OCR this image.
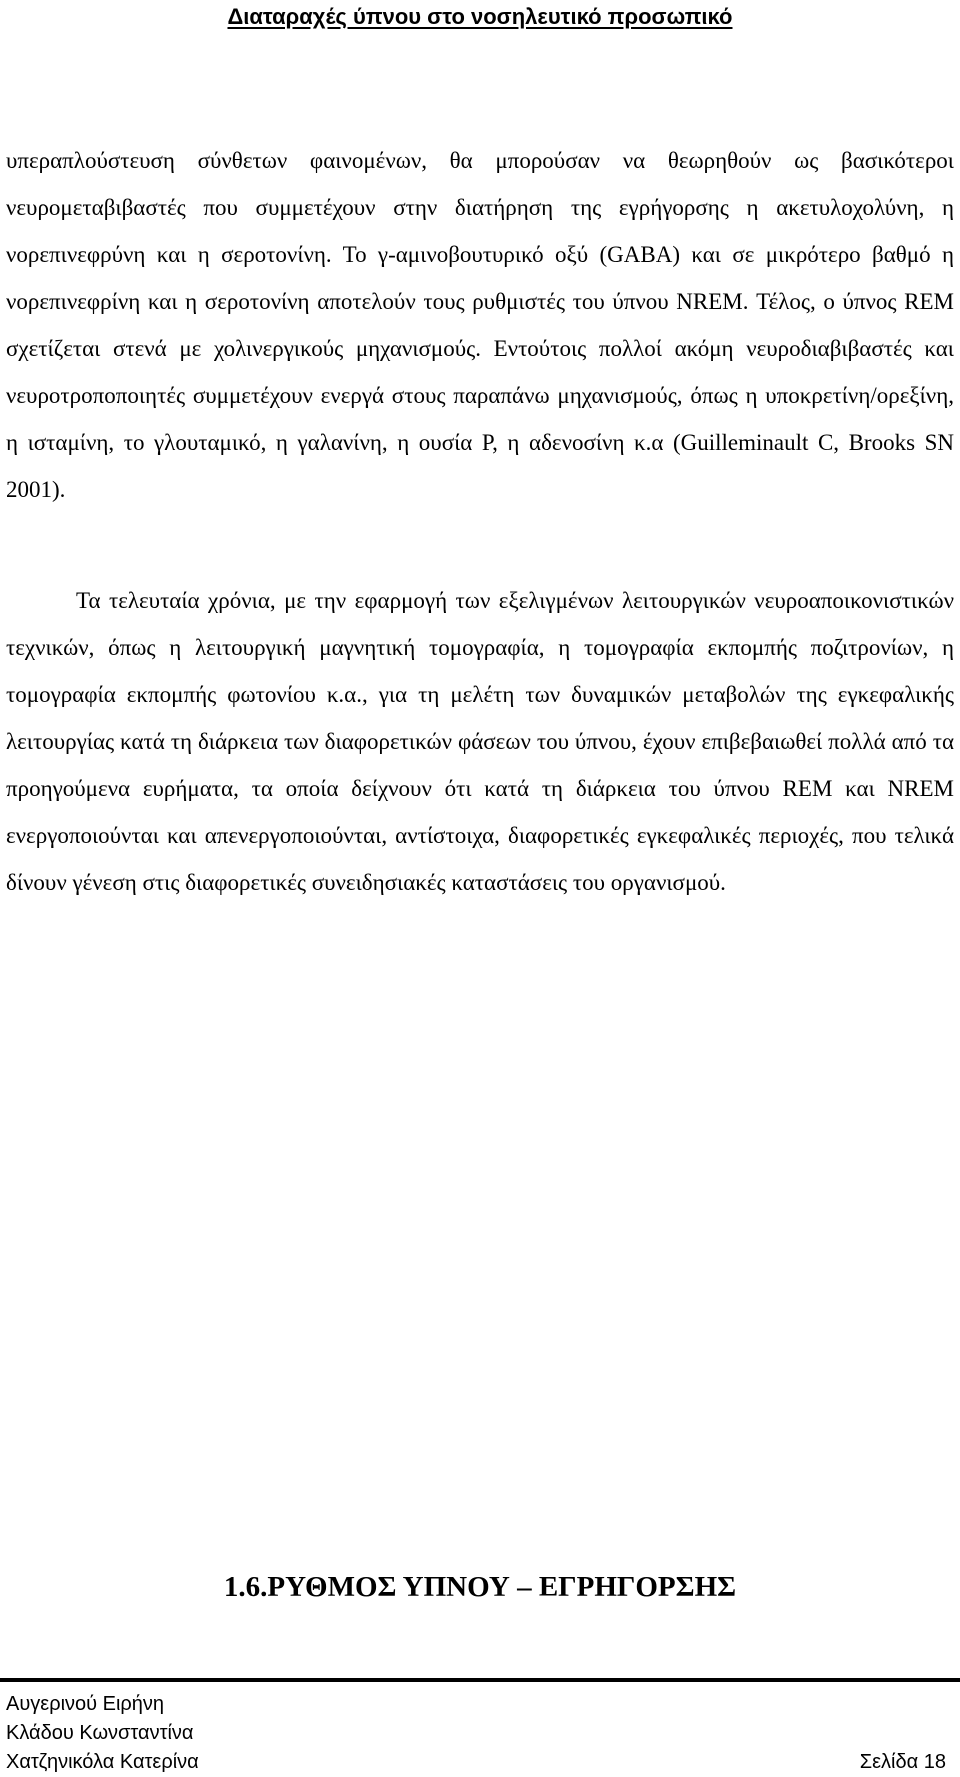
Διαταραχές ύπνου στο νοσηλευτικό προσωπικό

υπεραπλούστευση σύνθετων φαινομένων, θα μπορούσαν να θεωρηθούν ως βασικότεροι νευρομεταβιβαστές που συμμετέχουν στην διατήρηση της εγρήγορσης η ακετυλοχολύνη, η νορεπινεφρύνη και η σεροτονίνη. Το γ-αμινοβουτυρικό οξύ (GABA) και σε μικρότερο βαθμό η νορεπινεφρίνη και η σεροτονίνη αποτελούν τους ρυθμιστές του ύπνου NREM. Τέλος, ο ύπνος REM σχετίζεται στενά με χολινεργικούς μηχανισμούς. Εντούτοις πολλοί ακόμη νευροδιαβιβαστές και νευροτροποποιητές συμμετέχουν ενεργά στους παραπάνω μηχανισμούς, όπως η υποκρετίνη/ορεξίνη, η ισταμίνη, το γλουταμικό, η γαλανίνη, η ουσία P, η αδενοσίνη κ.α (Guilleminault C, Brooks SN 2001).

Τα τελευταία χρόνια, με την εφαρμογή των εξελιγμένων λειτουργικών νευροαποικονιστικών τεχνικών, όπως η λειτουργική μαγνητική τομογραφία, η τομογραφία εκπομπής ποζιτρονίων, η τομογραφία εκπομπής φωτονίου κ.α., για τη μελέτη των δυναμικών μεταβολών της εγκεφαλικής λειτουργίας κατά τη διάρκεια των διαφορετικών φάσεων του ύπνου, έχουν επιβεβαιωθεί πολλά από τα προηγούμενα ευρήματα, τα οποία δείχνουν ότι κατά τη διάρκεια του ύπνου REM και NREM ενεργοποιούνται και απενεργοποιούνται, αντίστοιχα, διαφορετικές εγκεφαλικές περιοχές, που τελικά δίνουν γένεση στις διαφορετικές συνειδησιακές καταστάσεις του οργανισμού.

1.6.ΡΥΘΜΟΣ ΥΠΝΟΥ – ΕΓΡΗΓΟΡΣΗΣ
Αυγερινού Ειρήνη
Κλάδου Κωνσταντίνα
Χατζηνικόλα Κατερίνα	Σελίδα 18
